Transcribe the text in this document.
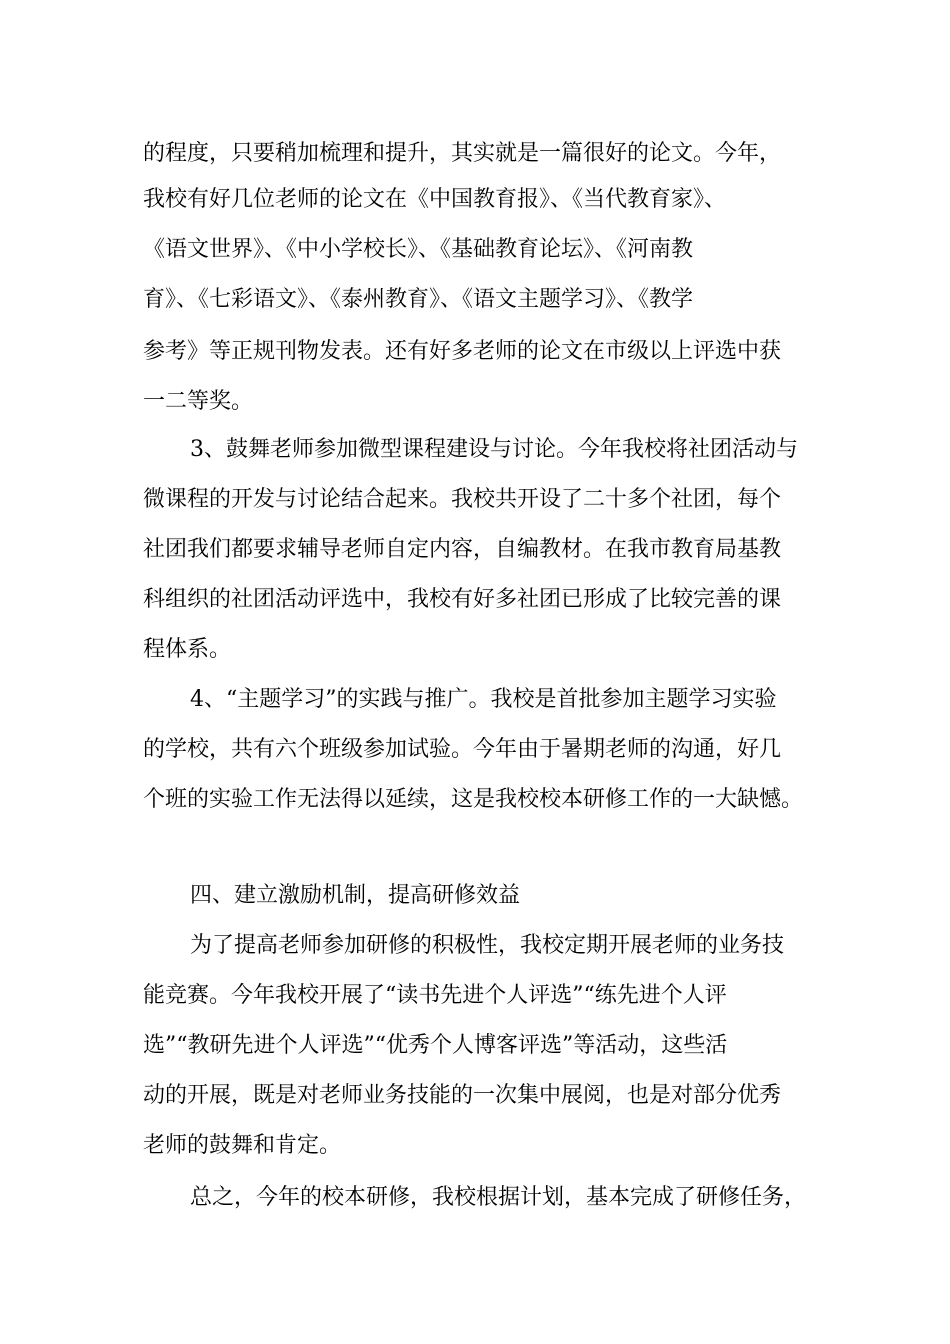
的程度，只要稍加梳理和提升，其实就是一篇很好的论文。今年，
我校有好几位老师的论文在《中国教育报》、《当代教育家》、
《语文世界》、《中小学校长》、《基础教育论坛》、《河南教
育》、《七彩语文》、《泰州教育》、《语文主题学习》、《教学
参考》等正规刊物发表。还有好多老师的论文在市级以上评选中获
一二等奖。
3、鼓舞老师参加微型课程建设与讨论。今年我校将社团活动与
微课程的开发与讨论结合起来。我校共开设了二十多个社团，每个
社团我们都要求辅导老师自定内容，自编教材。在我市教育局基教
科组织的社团活动评选中，我校有好多社团已形成了比较完善的课
程体系。
4、“主题学习”的实践与推广。我校是首批参加主题学习实验
的学校，共有六个班级参加试验。今年由于暑期老师的沟通，好几
个班的实验工作无法得以延续，这是我校校本研修工作的一大缺憾。
四、建立激励机制，提高研修效益
为了提高老师参加研修的积极性，我校定期开展老师的业务技
能竞赛。今年我校开展了“读书先进个人评选”“练先进个人评
选”“教研先进个人评选”“优秀个人博客评选”等活动，这些活
动的开展，既是对老师业务技能的一次集中展阅，也是对部分优秀
老师的鼓舞和肯定。
总之，今年的校本研修，我校根据计划，基本完成了研修任务，
